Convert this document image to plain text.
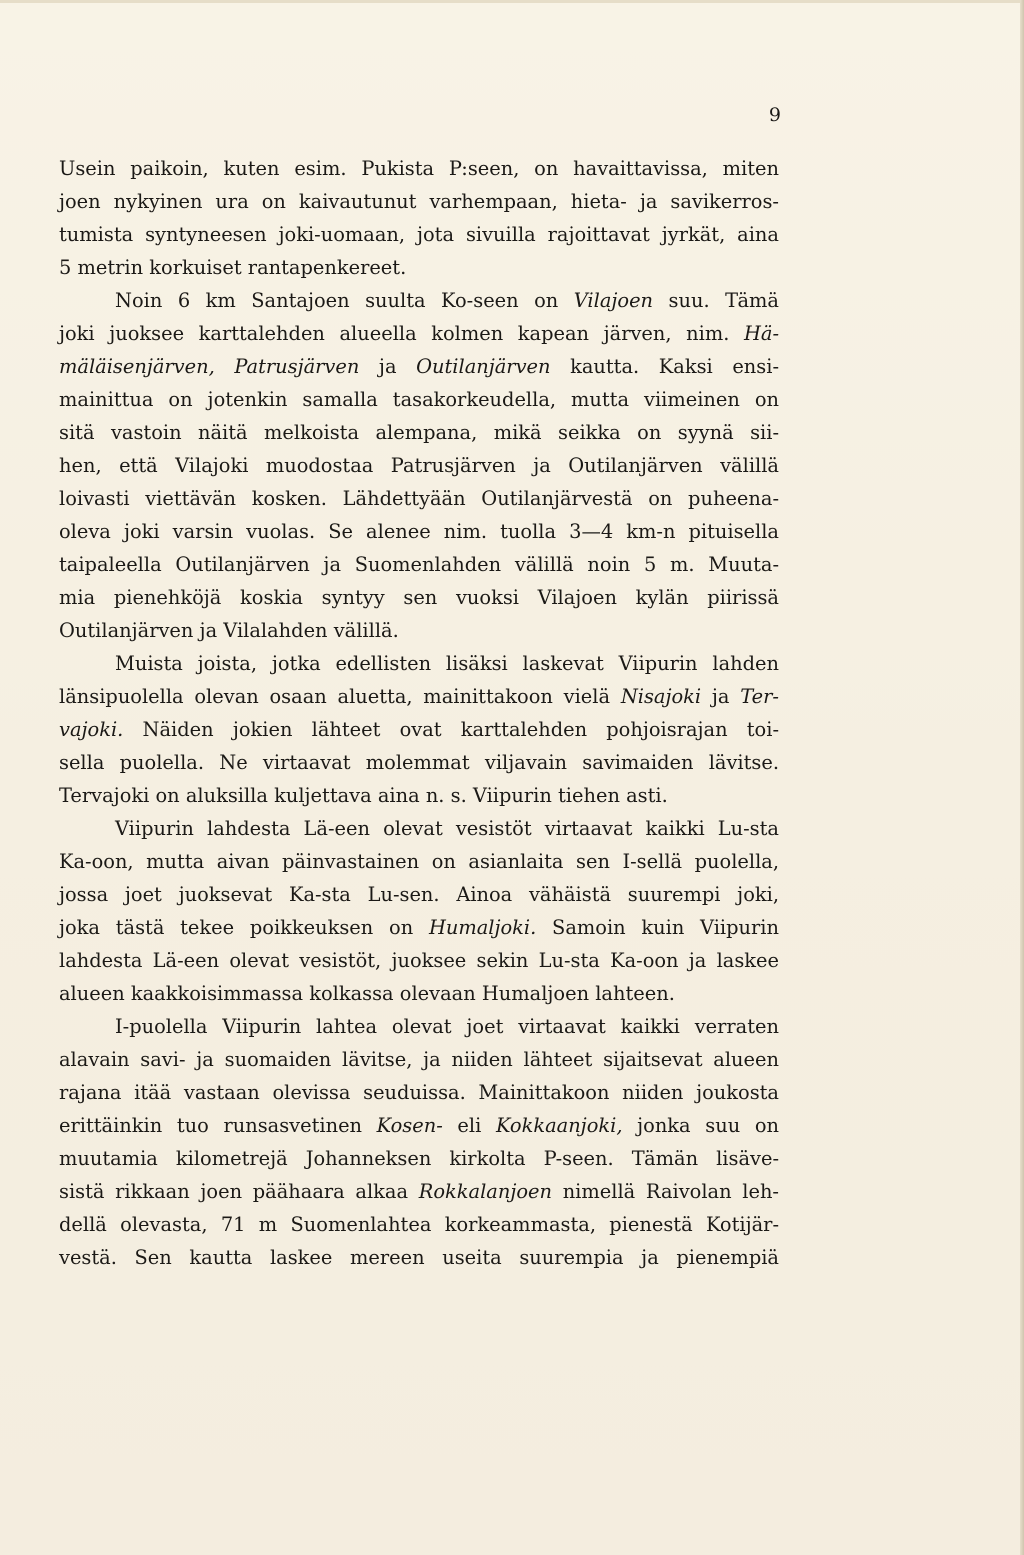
9
Usein paikoin, kuten esim. Pukista P:seen, on havaittavissa, miten
joen nykyinen ura on kaivautunut varhempaan, hieta- ja savikerros-
tumista syntyneesen joki-uomaan, jota sivuilla rajoittavat jyrkät, aina
5 metrin korkuiset rantapenkereet.
Noin 6 km Santajoen suulta Ko-seen on Vilajoen suu. Tämä
joki juoksee karttalehden alueella kolmen kapean järven, nim. Hä-
mäläisenjärven, Patrusjärven ja Outilanjärven kautta. Kaksi ensi-
mainittua on jotenkin samalla tasakorkeudella, mutta viimeinen on
sitä vastoin näitä melkoista alempana, mikä seikka on syynä sii-
hen, että Vilajoki muodostaa Patrusjärven ja Outilanjärven välillä
loivasti viettävän kosken. Lähdettyään Outilanjärvestä on puheena-
oleva joki varsin vuolas. Se alenee nim. tuolla 3—4 km-n pituisella
taipaleella Outilanjärven ja Suomenlahden välillä noin 5 m. Muuta-
mia pienehköjä koskia syntyy sen vuoksi Vilajoen kylän piirissä
Outilanjärven ja Vilalahden välillä.
Muista joista, jotka edellisten lisäksi laskevat Viipurin lahden
länsipuolella olevan osaan aluetta, mainittakoon vielä Nisajoki ja Ter-
vajoki. Näiden jokien lähteet ovat karttalehden pohjoisrajan toi-
sella puolella. Ne virtaavat molemmat viljavain savimaiden lävitse.
Tervajoki on aluksilla kuljettava aina n. s. Viipurin tiehen asti.
Viipurin lahdesta Lä-een olevat vesistöt virtaavat kaikki Lu-sta
Ka-oon, mutta aivan päinvastainen on asianlaita sen I-sellä puolella,
jossa joet juoksevat Ka-sta Lu-sen. Ainoa vähäistä suurempi joki,
joka tästä tekee poikkeuksen on Humaljoki. Samoin kuin Viipurin
lahdesta Lä-een olevat vesistöt, juoksee sekin Lu-sta Ka-oon ja laskee
alueen kaakkoisimmassa kolkassa olevaan Humaljoen lahteen.
I-puolella Viipurin lahtea olevat joet virtaavat kaikki verraten
alavain savi- ja suomaiden lävitse, ja niiden lähteet sijaitsevat alueen
rajana itää vastaan olevissa seuduissa. Mainittakoon niiden joukosta
erittäinkin tuo runsasvetinen Kosen- eli Kokkaanjoki, jonka suu on
muutamia kilometrejä Johanneksen kirkolta P-seen. Tämän lisäve-
sistä rikkaan joen päähaara alkaa Rokkalanjoen nimellä Raivolan leh-
dellä olevasta, 71 m Suomenlahtea korkeammasta, pienestä Kotijär-
vestä. Sen kautta laskee mereen useita suurempia ja pienempiä
